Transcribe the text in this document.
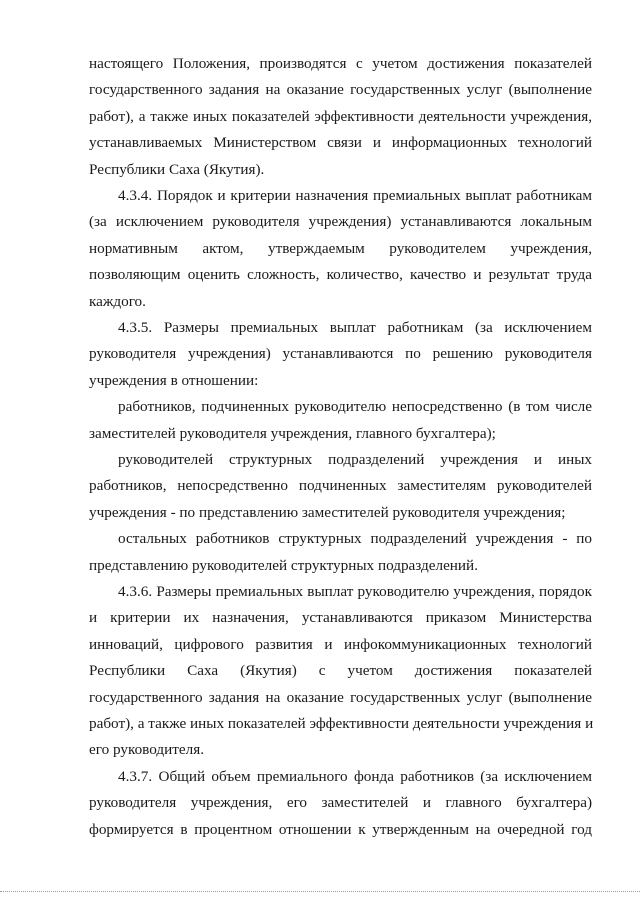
настоящего Положения, производятся с учетом достижения показателей
государственного задания на оказание государственных услуг (выполнение
работ), а также иных показателей эффективности деятельности учреждения,
устанавливаемых Министерством связи и информационных технологий
Республики Саха (Якутия).
4.3.4. Порядок и критерии назначения премиальных выплат работникам
(за исключением руководителя учреждения) устанавливаются локальным
нормативным актом, утверждаемым руководителем учреждения,
позволяющим оценить сложность, количество, качество и результат труда
каждого.
4.3.5. Размеры премиальных выплат работникам (за исключением
руководителя учреждения) устанавливаются по решению руководителя
учреждения в отношении:
работников, подчиненных руководителю непосредственно (в том числе
заместителей руководителя учреждения, главного бухгалтера);
руководителей структурных подразделений учреждения и иных
работников, непосредственно подчиненных заместителям руководителей
учреждения - по представлению заместителей руководителя учреждения;
остальных работников структурных подразделений учреждения - по
представлению руководителей структурных подразделений.
4.3.6. Размеры премиальных выплат руководителю учреждения, порядок
и критерии их назначения, устанавливаются приказом Министерства
инноваций, цифрового развития и инфокоммуникационных технологий
Республики Саха (Якутия) с учетом достижения показателей
государственного задания на оказание государственных услуг (выполнение
работ), а также иных показателей эффективности деятельности учреждения и
его руководителя.
4.3.7. Общий объем премиального фонда работников (за исключением
руководителя учреждения, его заместителей и главного бухгалтера)
формируется в процентном отношении к утвержденным на очередной год
